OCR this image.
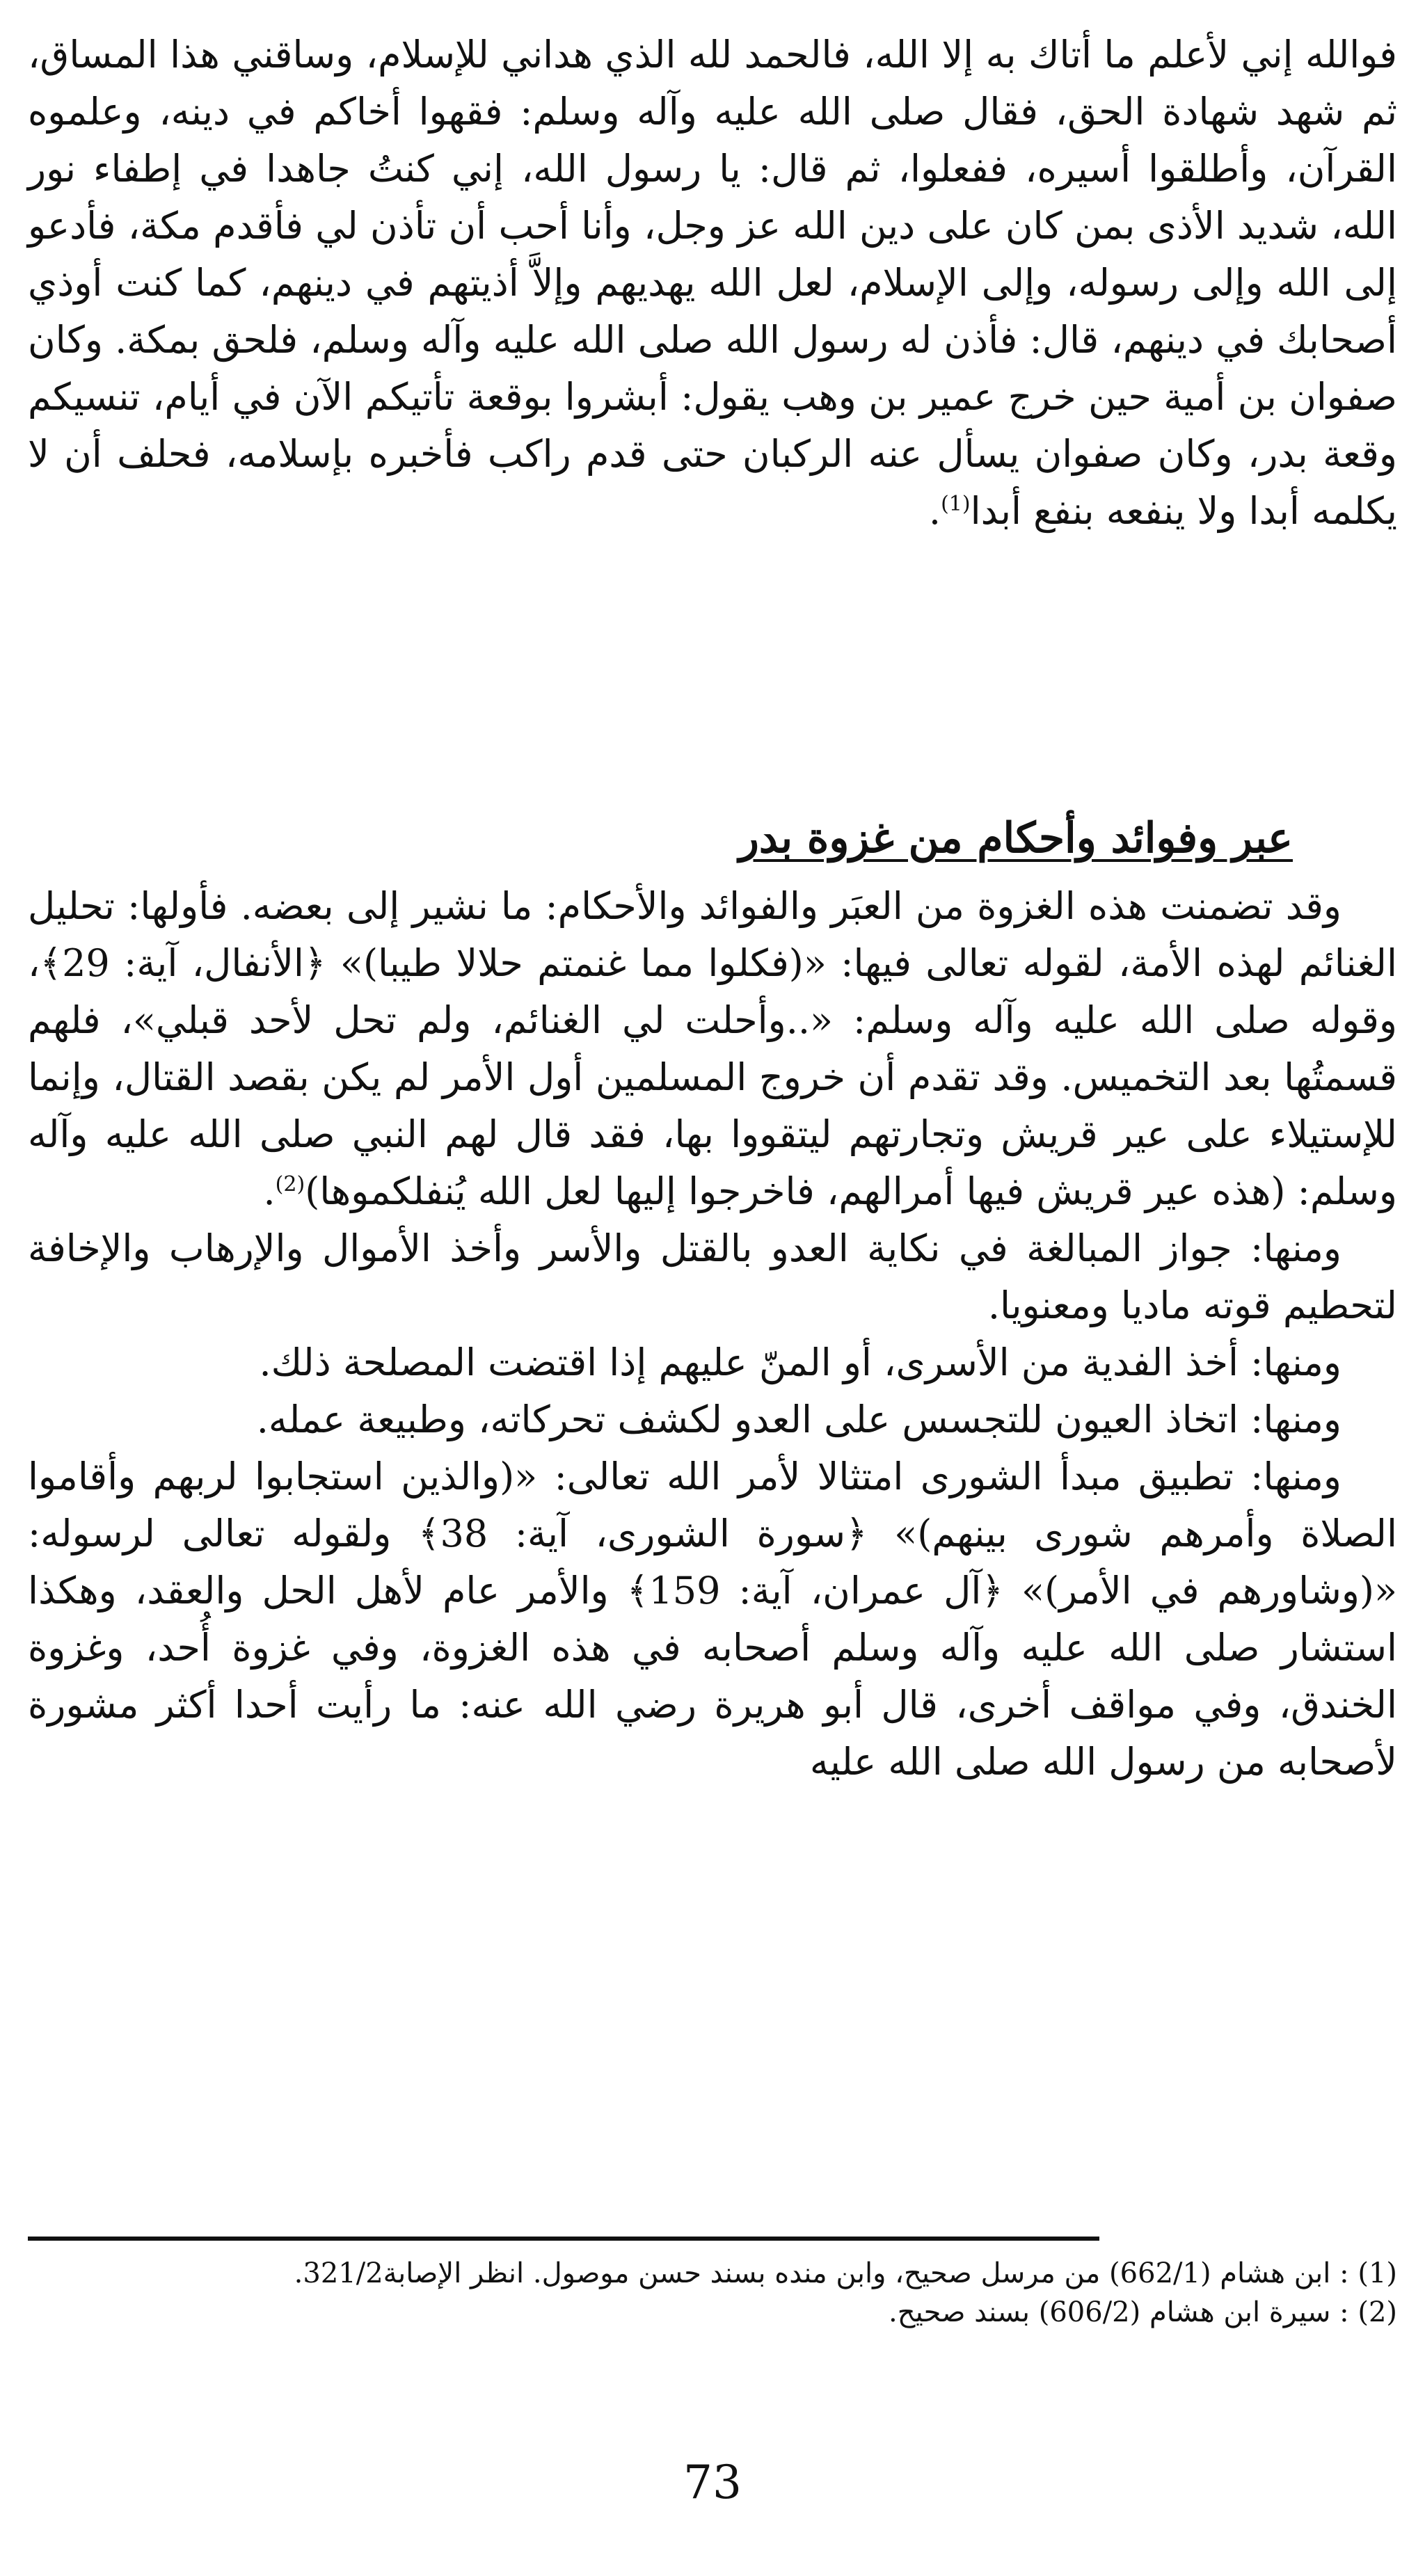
فوالله إني لأعلم ما أتاك به إلا الله، فالحمد لله الذي هداني للإسلام، وساقني هذا المساق، ثم شهد شهادة الحق، فقال صلى الله عليه وآله وسلم: فقهوا أخاكم في دينه، وعلموه القرآن، وأطلقوا أسيره، ففعلوا، ثم قال: يا رسول الله، إني كنتُ جاهدا في إطفاء نور الله، شديد الأذى بمن كان على دين الله عز وجل، وأنا أحب أن تأذن لي فأقدم مكة، فأدعو إلى الله وإلى رسوله، وإلى الإسلام، لعل الله يهديهم وإلاَّ أذيتهم في دينهم، كما كنت أوذي أصحابك في دينهم، قال: فأذن له رسول الله صلى الله عليه وآله وسلم، فلحق بمكة. وكان صفوان بن أمية حين خرج عمير بن وهب يقول: أبشروا بوقعة تأتيكم الآن في أيام، تنسيكم وقعة بدر، وكان صفوان يسأل عنه الركبان حتى قدم راكب فأخبره بإسلامه، فحلف أن لا يكلمه أبدا ولا ينفعه بنفع أبدا$^{(1)}$.

عبر وفوائد وأحكام من غزوة بدر

وقد تضمنت هذه الغزوة من العبَر والفوائد والأحكام: ما نشير إلى بعضه. فأولها: تحليل الغنائم لهذه الأمة، لقوله تعالى فيها: «(فكلوا مما غنمتم حلالا طيبا)» ﴿الأنفال، آية: 29﴾، وقوله صلى الله عليه وآله وسلم: «..وأحلت لي الغنائم، ولم تحل لأحد قبلي»، فلهم قسمتُها بعد التخميس. وقد تقدم أن خروج المسلمين أول الأمر لم يكن بقصد القتال، وإنما للإستيلاء على عير قريش وتجارتهم ليتقووا بها، فقد قال لهم النبي صلى الله عليه وآله وسلم: (هذه عير قريش فيها أمرالهم، فاخرجوا إليها لعل الله يُنفلكموها)$^{(2)}$.

ومنها: جواز المبالغة في نكاية العدو بالقتل والأسر وأخذ الأموال والإرهاب والإخافة لتحطيم قوته ماديا ومعنويا.

ومنها: أخذ الفدية من الأسرى، أو المنّ عليهم إذا اقتضت المصلحة ذلك.

ومنها: اتخاذ العيون للتجسس على العدو لكشف تحركاته، وطبيعة عمله.

ومنها: تطبيق مبدأ الشورى امتثالا لأمر الله تعالى: «(والذين استجابوا لربهم وأقاموا الصلاة وأمرهم شورى بينهم)» ﴿سورة الشورى، آية: 38﴾ ولقوله تعالى لرسوله: «(وشاورهم في الأمر)» ﴿آل عمران، آية: 159﴾ والأمر عام لأهل الحل والعقد، وهكذا استشار صلى الله عليه وآله وسلم أصحابه في هذه الغزوة، وفي غزوة أُحد، وغزوة الخندق، وفي مواقف أخرى، قال أبو هريرة رضي الله عنه: ما رأيت أحدا أكثر مشورة لأصحابه من رسول الله صلى الله عليه

(1) : ابن هشام (662/1) من مرسل صحيح، وابن منده بسند حسن موصول. انظر الإصابة321/2.

(2) : سيرة ابن هشام (606/2) بسند صحيح.

73
